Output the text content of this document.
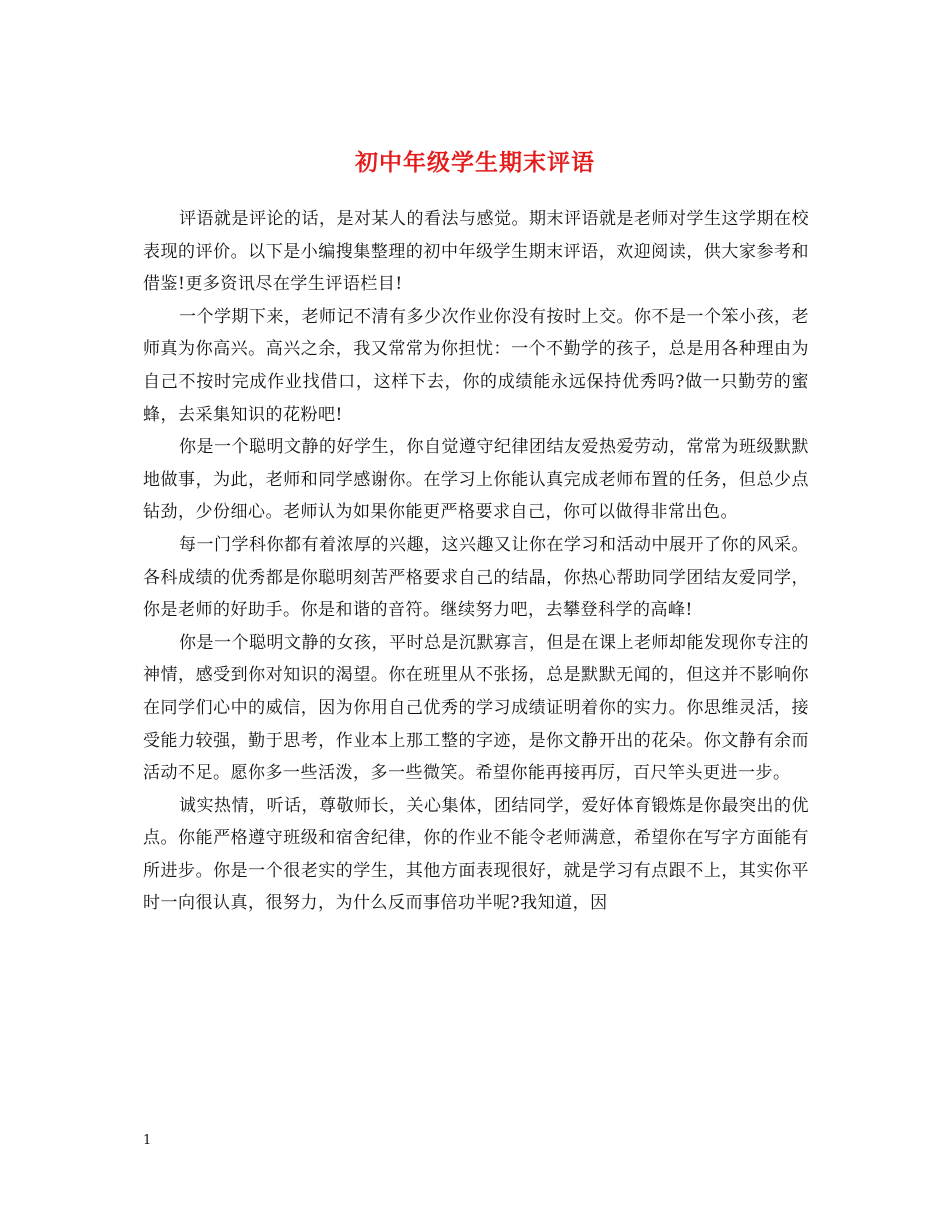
初中年级学生期末评语

评语就是评论的话，是对某人的看法与感觉。期末评语就是老师对学生这学期在校表现的评价。以下是小编搜集整理的初中年级学生期末评语，欢迎阅读，供大家参考和借鉴!更多资讯尽在学生评语栏目!

一个学期下来，老师记不清有多少次作业你没有按时上交。你不是一个笨小孩，老师真为你高兴。高兴之余，我又常常为你担忧：一个不勤学的孩子，总是用各种理由为自己不按时完成作业找借口，这样下去，你的成绩能永远保持优秀吗?做一只勤劳的蜜蜂，去采集知识的花粉吧!

你是一个聪明文静的好学生，你自觉遵守纪律团结友爱热爱劳动，常常为班级默默地做事，为此，老师和同学感谢你。在学习上你能认真完成老师布置的任务，但总少点钻劲，少份细心。老师认为如果你能更严格要求自己，你可以做得非常出色。

每一门学科你都有着浓厚的兴趣，这兴趣又让你在学习和活动中展开了你的风采。各科成绩的优秀都是你聪明刻苦严格要求自己的结晶，你热心帮助同学团结友爱同学，你是老师的好助手。你是和谐的音符。继续努力吧，去攀登科学的高峰!

你是一个聪明文静的女孩，平时总是沉默寡言，但是在课上老师却能发现你专注的神情，感受到你对知识的渴望。你在班里从不张扬，总是默默无闻的，但这并不影响你在同学们心中的威信，因为你用自己优秀的学习成绩证明着你的实力。你思维灵活，接受能力较强，勤于思考，作业本上那工整的字迹，是你文静开出的花朵。你文静有余而活动不足。愿你多一些活泼，多一些微笑。希望你能再接再厉，百尺竿头更进一步。

诚实热情，听话，尊敬师长，关心集体，团结同学，爱好体育锻炼是你最突出的优点。你能严格遵守班级和宿舍纪律，你的作业不能令老师满意，希望你在写字方面能有所进步。你是一个很老实的学生，其他方面表现很好，就是学习有点跟不上，其实你平时一向很认真，很努力，为什么反而事倍功半呢?我知道，因

1
